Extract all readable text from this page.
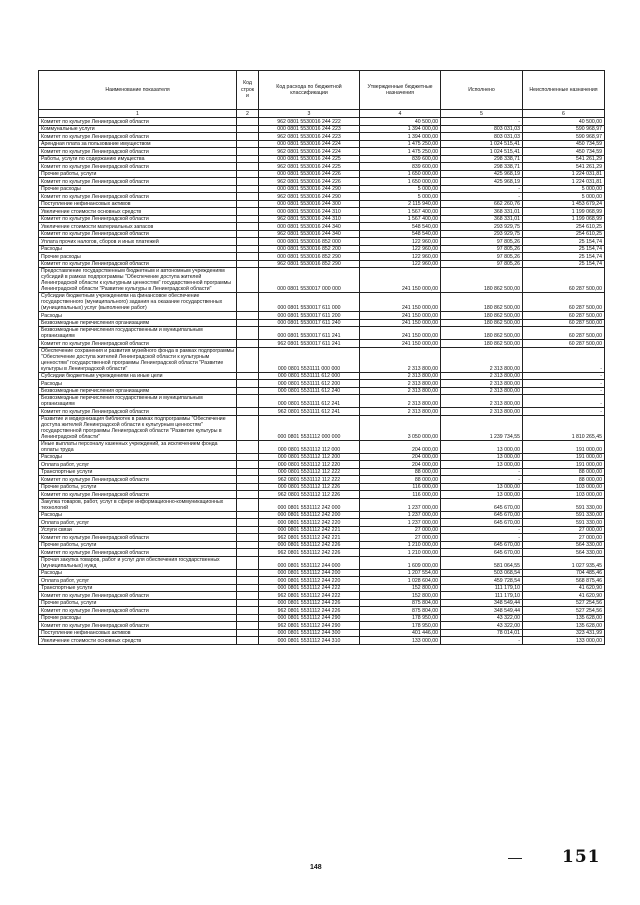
Наименование показателя	Код строк и	Код расхода по бюджетной классификации	Утвержденные бюджетные назначения	Исполнено	Неисполненные назначения
1	2	3	4	5	6
Комитет по культуре Ленинградской области		962 0801 5530016 244 222	40 500,00	-	40 500,00
Коммунальные услуги		000 0801 5530016 244 223	1 394 000,00	803 031,03	590 968,97
Комитет по культуре Ленинградской области		962 0801 5530016 244 223	1 394 000,00	803 031,03	590 968,97
Арендная плата за пользование имуществом		000 0801 5530016 244 224	1 475 250,00	1 024 515,41	450 734,59
Комитет по культуре Ленинградской области		962 0801 5530016 244 224	1 475 250,00	1 024 515,41	450 734,59
Работы, услуги по содержанию имущества		000 0801 5530016 244 225	839 600,00	298 338,71	541 261,29
Комитет по культуре Ленинградской области		962 0801 5530016 244 225	839 600,00	298 338,71	541 261,29
Прочие работы, услуги		000 0801 5530016 244 226	1 650 000,00	425 968,19	1 224 031,81
Комитет по культуре Ленинградской области		962 0801 5530016 244 226	1 650 000,00	425 968,19	1 224 031,81
Прочие расходы		000 0801 5530016 244 290	5 000,00	-	5 000,00
Комитет по культуре Ленинградской области		962 0801 5530016 244 290	5 000,00	-	5 000,00
Поступление нефинансовых активов		000 0801 5530016 244 300	2 115 940,00	662 260,76	1 453 679,24
Увеличение стоимости основных средств		000 0801 5530016 244 310	1 567 400,00	368 331,01	1 199 068,99
Комитет по культуре Ленинградской области		962 0801 5530016 244 310	1 567 400,00	368 331,01	1 199 068,99
Увеличение стоимости материальных запасов		000 0801 5530016 244 340	548 540,00	293 929,75	254 610,25
Комитет по культуре Ленинградской области		962 0801 5530016 244 340	548 540,00	293 929,75	254 610,25
Уплата прочих налогов, сборов и иных платежей		000 0801 5530016 852 000	122 960,00	97 805,26	25 154,74
Расходы		000 0801 5530016 852 200	122 960,00	97 805,26	25 154,74
Прочие расходы		000 0801 5530016 852 290	122 960,00	97 805,26	25 154,74
Комитет по культуре Ленинградской области		962 0801 5530016 852 290	122 960,00	97 805,26	25 154,74
Предоставление государственным бюджетным и автономным учреждениям субсидий в рамках подпрограммы "Обеспечение доступа жителей Ленинградской области к культурным ценностям" государственной программы Ленинградской области "Развитие культуры в Ленинградской области"		000 0801 5530017 000 000	241 150 000,00	180 862 500,00	60 287 500,00
Субсидии бюджетным учреждениям на финансовое обеспечение государственного (муниципального) задания на оказание государственных (муниципальных) услуг (выполнение работ)		000 0801 5530017 611 000	241 150 000,00	180 862 500,00	60 287 500,00
Расходы		000 0801 5530017 611 200	241 150 000,00	180 862 500,00	60 287 500,00
Безвозмездные перечисления организациям		000 0801 5530017 611 240	241 150 000,00	180 862 500,00	60 287 500,00
Безвозмездные перечисления государственным и муниципальным организациям		000 0801 5530017 611 241	241 150 000,00	180 862 500,00	60 287 500,00
Комитет по культуре Ленинградской области		962 0801 5530017 611 241	241 150 000,00	180 862 500,00	60 287 500,00
Обеспечение сохранения и развития музейного фонда в рамках подпрограммы "Обеспечение доступа жителей Ленинградской области к культурным ценностям" государственной программы Ленинградской области "Развитие культуры в Ленинградской области"		000 0801 5531111 000 000	2 313 800,00	2 313 800,00	-
Субсидии бюджетным учреждениям на иные цели		000 0801 5531111 612 000	2 313 800,00	2 313 800,00	-
Расходы		000 0801 5531111 612 200	2 313 800,00	2 313 800,00	-
Безвозмездные перечисления организациям		000 0801 5531111 612 240	2 313 800,00	2 313 800,00	-
Безвозмездные перечисления государственным и муниципальным организациям		000 0801 5531111 612 241	2 313 800,00	2 313 800,00	-
Комитет по культуре Ленинградской области		962 0801 5531111 612 241	2 313 800,00	2 313 800,00	-
Развитие и модернизация библиотек в рамках подпрограммы "Обеспечение доступа жителей Ленинградской области к культурным ценностям" государственной программы Ленинградской области "Развитие культуры в Ленинградской области"		000 0801 5531112 000 000	3 050 000,00	1 239 734,55	1 810 265,45
Иные выплаты персоналу казенных учреждений, за исключением фонда оплаты труда		000 0801 5531112 112 000	204 000,00	13 000,00	191 000,00
Расходы		000 0801 5531112 112 200	204 000,00	13 000,00	191 000,00
Оплата работ, услуг		000 0801 5531112 112 220	204 000,00	13 000,00	191 000,00
Транспортные услуги		000 0801 5531112 112 222	88 000,00	-	88 000,00
Комитет по культуре Ленинградской области		962 0801 5531112 112 222	88 000,00	-	88 000,00
Прочие работы, услуги		000 0801 5531112 112 226	116 000,00	13 000,00	103 000,00
Комитет по культуре Ленинградской области		962 0801 5531112 112 226	116 000,00	13 000,00	103 000,00
Закупка товаров, работ, услуг в сфере информационно-коммуникационных технологий		000 0801 5531112 242 000	1 237 000,00	645 670,00	591 330,00
Расходы		000 0801 5531112 242 200	1 237 000,00	645 670,00	591 330,00
Оплата работ, услуг		000 0801 5531112 242 220	1 237 000,00	645 670,00	591 330,00
Услуги связи		000 0801 5531112 242 221	27 000,00	-	27 000,00
Комитет по культуре Ленинградской области		962 0801 5531112 242 221	27 000,00	-	27 000,00
Прочие работы, услуги		000 0801 5531112 242 226	1 210 000,00	645 670,00	564 330,00
Комитет по культуре Ленинградской области		962 0801 5531112 242 226	1 210 000,00	645 670,00	564 330,00
Прочая закупка товаров, работ и услуг для обеспечения государственных (муниципальных) нужд		000 0801 5531112 244 000	1 609 000,00	581 064,55	1 027 935,45
Расходы		000 0801 5531112 244 200	1 207 554,00	503 068,54	704 485,46
Оплата работ, услуг		000 0801 5531112 244 220	1 028 604,00	459 728,54	568 875,46
Транспортные услуги		000 0801 5531112 244 222	152 800,00	111 179,10	41 620,90
Комитет по культуре Ленинградской области		962 0801 5531112 244 222	152 800,00	111 179,10	41 620,90
Прочие работы, услуги		000 0801 5531112 244 226	875 804,00	348 549,44	527 254,56
Комитет по культуре Ленинградской области		962 0801 5531112 244 226	875 804,00	348 549,44	527 254,56
Прочие расходы		000 0801 5531112 244 290	178 950,00	43 322,00	135 628,00
Комитет по культуре Ленинградской области		962 0801 5531112 244 290	178 950,00	43 322,00	135 628,00
Поступление нефинансовых активов		000 0801 5531112 244 300	401 446,00	78 014,01	323 431,99
Увеличение стоимости основных средств		000 0801 5531112 244 310	133 000,00	-	133 000,00
148
151
